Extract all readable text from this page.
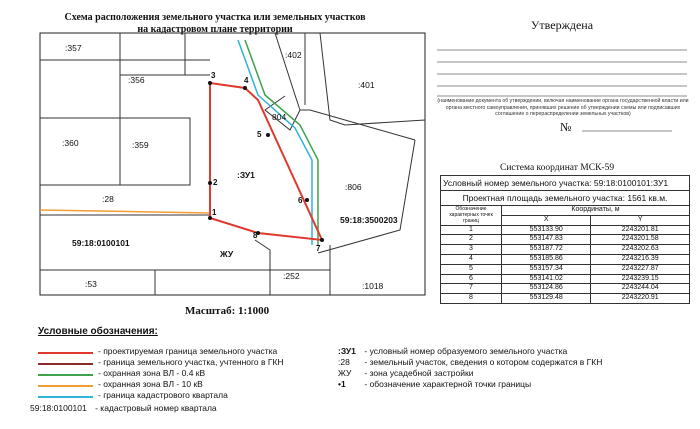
Схема расположения земельного участка или земельных участков
на кадастровом плане территории
:357
:356
:402
:401
:360	:359
804
:ЗУ1
:28
:806
59:18:3500203
59:18:0100101
ЖУ
:252
:53	:1018
1
2
3
4
5
6
7
8
Утверждена
(наименование документа об утверждении, включая наименование органа государственной власти или органа местного самоуправления, принявших решение об утверждении схемы или подписавших соглашение о перераспределении земельных участков)
№
Система координат МСК-59
Условный номер земельного участка: 59:18:0100101:ЗУ1		
Проектная площадь земельного участка: 1561 кв.м.		
Обозначение характерных точек границ	Координаты, м	
	X	Y
1	553133.90	2243201.81
2	553147.83	2243201.58
3	553187.72	2243202.63
4	553185.86	2243216.39
5	553157.34	2243227.87
6	553141.02	2243239.15
7	553124.86	2243244.04
8	553129.48	2243220.91
Масштаб: 1:1000
Условные обозначения:
- проектируемая граница земельного участка
- граница земельного участка, учтенного в ГКН
- охранная зона ВЛ - 0.4 кВ
- охранная зона ВЛ - 10 кВ
- граница кадастрового квартала
59:18:0100101 - кадастровый номер квартала
:ЗУ1 - условный номер образуемого земельного участка
:28 - земельный участок, сведения о котором содержатся в ГКН
ЖУ - зона усадебной застройки
•1 - обозначение характерной точки границы
